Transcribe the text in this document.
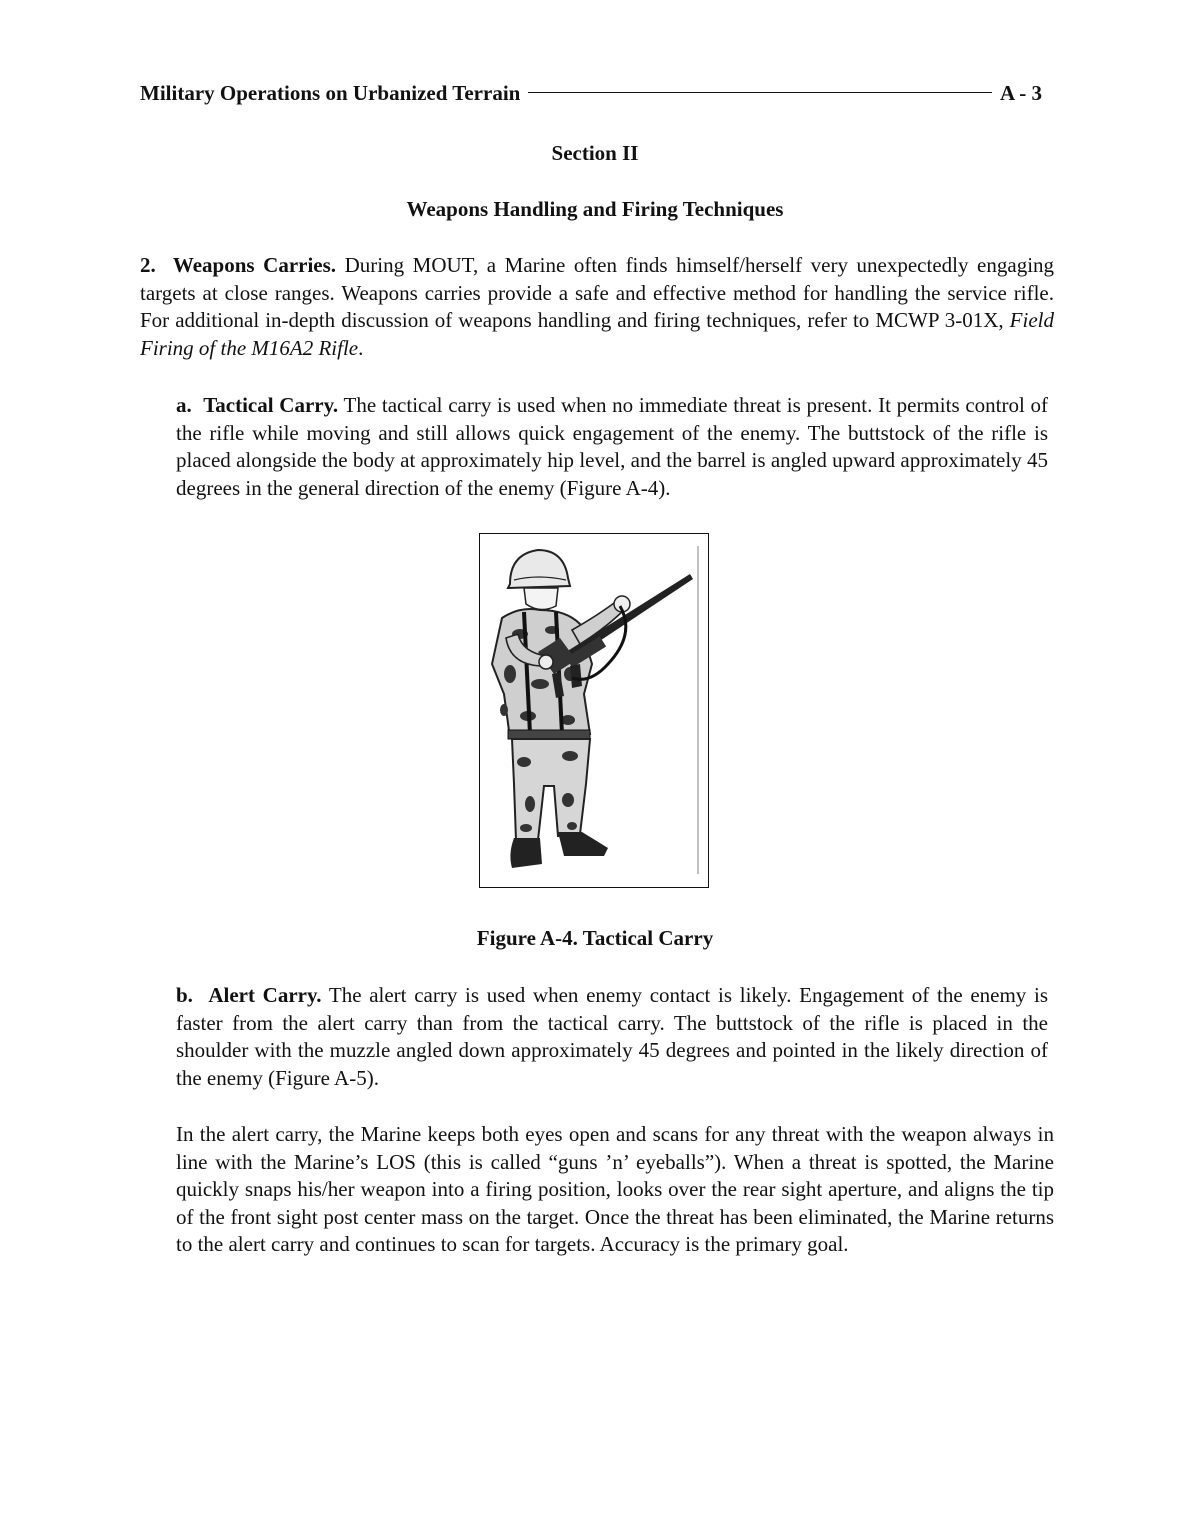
Military Operations on Urbanized Terrain	A - 3
Section II
Weapons Handling and Firing Techniques

2. Weapons Carries. During MOUT, a Marine often finds himself/herself very unexpectedly engaging targets at close ranges. Weapons carries provide a safe and effective method for handling the service rifle. For additional in-depth discussion of weapons handling and firing techniques, refer to MCWP 3-01X, Field Firing of the M16A2 Rifle.

a. Tactical Carry. The tactical carry is used when no immediate threat is present. It permits control of the rifle while moving and still allows quick engagement of the enemy. The buttstock of the rifle is placed alongside the body at approximately hip level, and the barrel is angled upward approximately 45 degrees in the general direction of the enemy (Figure A-4).

Figure A-4. Tactical Carry

b. Alert Carry. The alert carry is used when enemy contact is likely. Engagement of the enemy is faster from the alert carry than from the tactical carry. The buttstock of the rifle is placed in the shoulder with the muzzle angled down approximately 45 degrees and pointed in the likely direction of the enemy (Figure A-5).

In the alert carry, the Marine keeps both eyes open and scans for any threat with the weapon always in line with the Marine’s LOS (this is called “guns ’n’ eyeballs”). When a threat is spotted, the Marine quickly snaps his/her weapon into a firing position, looks over the rear sight aperture, and aligns the tip of the front sight post center mass on the target. Once the threat has been eliminated, the Marine returns to the alert carry and continues to scan for targets. Accuracy is the primary goal.
